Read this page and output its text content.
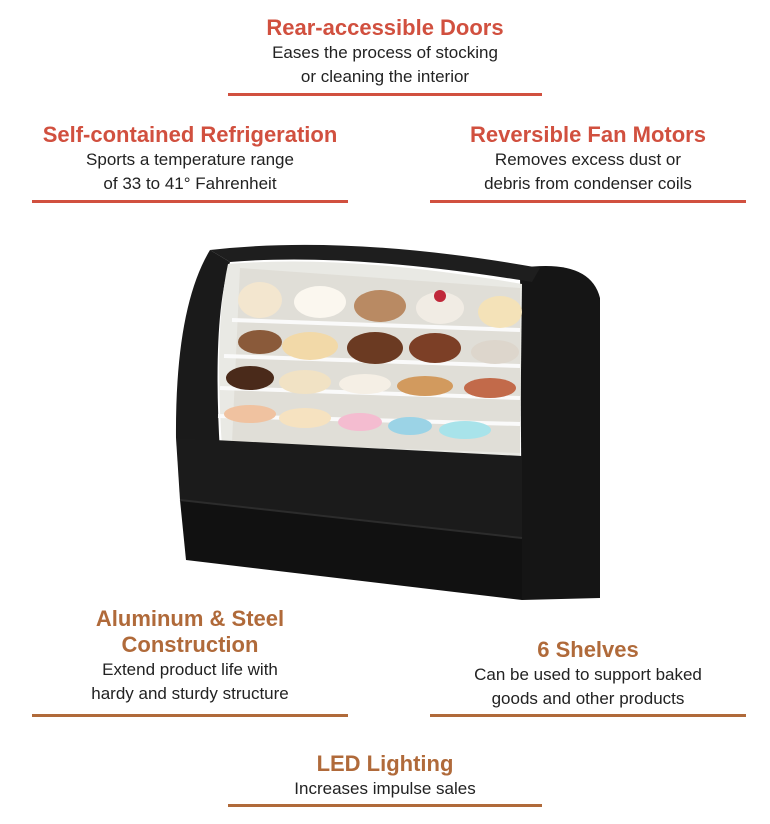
Rear-accessible Doors

Eases the process of stocking

or cleaning the interior

Self-contained Refrigeration

Sports a temperature range

of 33 to 41° Fahrenheit

Reversible Fan Motors

Removes excess dust or

debris from condenser coils

Aluminum & Steel

Construction

Extend product life with

hardy and sturdy structure

6 Shelves

Can be used to support baked

goods and other products

LED Lighting

Increases impulse sales
